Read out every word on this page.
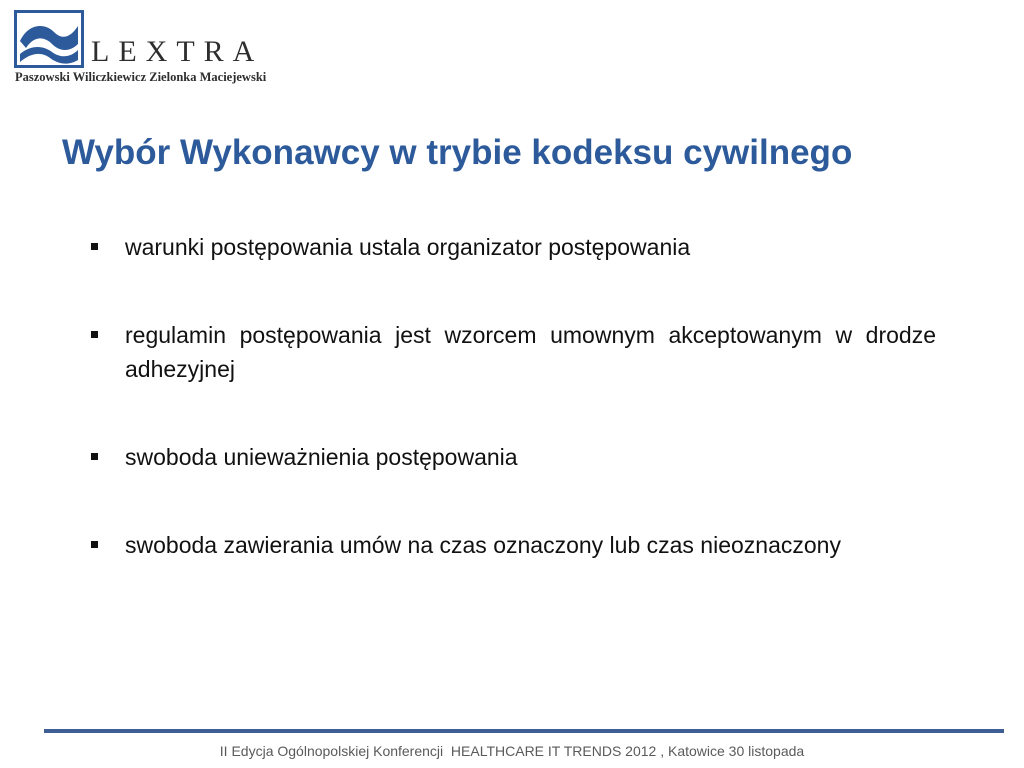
LEXTRA
Paszowski Wiliczkiewicz Zielonka Maciejewski
Wybór Wykonawcy w trybie kodeksu cywilnego
warunki postępowania ustala organizator postępowania
regulamin postępowania jest wzorcem umownym akceptowanym w drodze adhezyjnej
swoboda unieważnienia postępowania
swoboda zawierania umów na czas oznaczony lub czas nieoznaczony
II Edycja Ogólnopolskiej Konferencji  HEALTHCARE IT TRENDS 2012 , Katowice 30 listopada
